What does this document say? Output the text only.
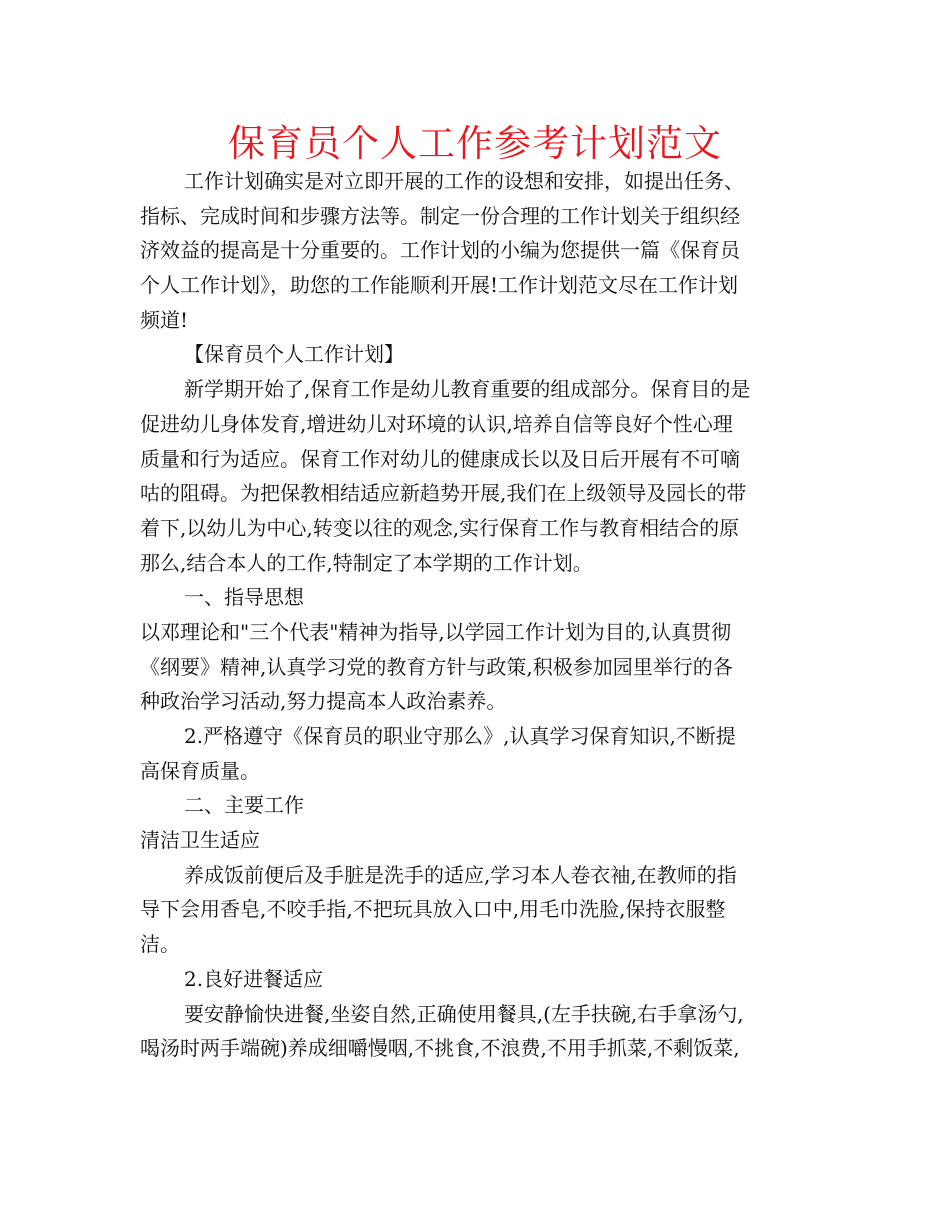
保育员个人工作参考计划范文
工作计划确实是对立即开展的工作的设想和安排，如提出任务、
指标、完成时间和步骤方法等。制定一份合理的工作计划关于组织经
济效益的提高是十分重要的。工作计划的小编为您提供一篇《保育员
个人工作计划》，助您的工作能顺利开展!工作计划范文尽在工作计划
频道!
【保育员个人工作计划】
新学期开始了,保育工作是幼儿教育重要的组成部分。保育目的是
促进幼儿身体发育,增进幼儿对环境的认识,培养自信等良好个性心理
质量和行为适应。保育工作对幼儿的健康成长以及日后开展有不可嘀
咕的阻碍。为把保教相结适应新趋势开展,我们在上级领导及园长的带
着下,以幼儿为中心,转变以往的观念,实行保育工作与教育相结合的原
那么,结合本人的工作,特制定了本学期的工作计划。
一、指导思想
以邓理论和"三个代表"精神为指导,以学园工作计划为目的,认真贯彻
《纲要》精神,认真学习党的教育方针与政策,积极参加园里举行的各
种政治学习活动,努力提高本人政治素养。
2.严格遵守《保育员的职业守那么》,认真学习保育知识,不断提
高保育质量。
二、主要工作
清洁卫生适应
养成饭前便后及手脏是洗手的适应,学习本人卷衣袖,在教师的指
导下会用香皂,不咬手指,不把玩具放入口中,用毛巾洗脸,保持衣服整
洁。
2.良好进餐适应
要安静愉快进餐,坐姿自然,正确使用餐具,(左手扶碗,右手拿汤勺,
喝汤时两手端碗)养成细嚼慢咽,不挑食,不浪费,不用手抓菜,不剩饭菜,
